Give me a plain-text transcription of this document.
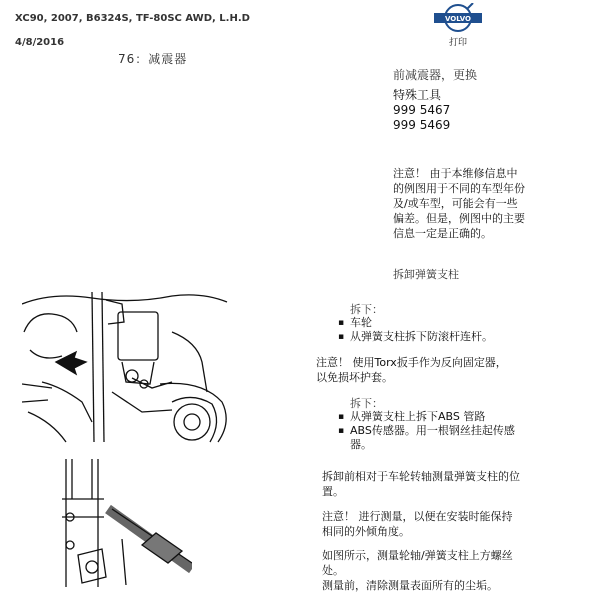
XC90, 2007, B6324S, TF-80SC AWD, L.H.D
4/8/2016
76：减震器
VOLVO
打印
前减震器，更换
特殊工具
999 5467
999 5469
注意！ 由于本维修信息中的例图用于不同的车型年份及/或车型，可能会有一些偏差。但是，例图中的主要信息一定是正确的。
拆卸弹簧支柱
拆下：
▪ 车轮
▪ 从弹簧支柱拆下防滚杆连杆。
注意！ 使用Torx扳手作为反向固定器，以免损坏护套。
拆下：
▪ 从弹簧支柱上拆下ABS 管路
▪ ABS传感器。用一根钢丝挂起传感器。
拆卸前相对于车轮转轴测量弹簧支柱的位置。
注意！ 进行测量，以便在安装时能保持相同的外倾角度。
如图所示，测量轮轴/弹簧支柱上方螺丝处。
测量前，清除测量表面所有的尘垢。
